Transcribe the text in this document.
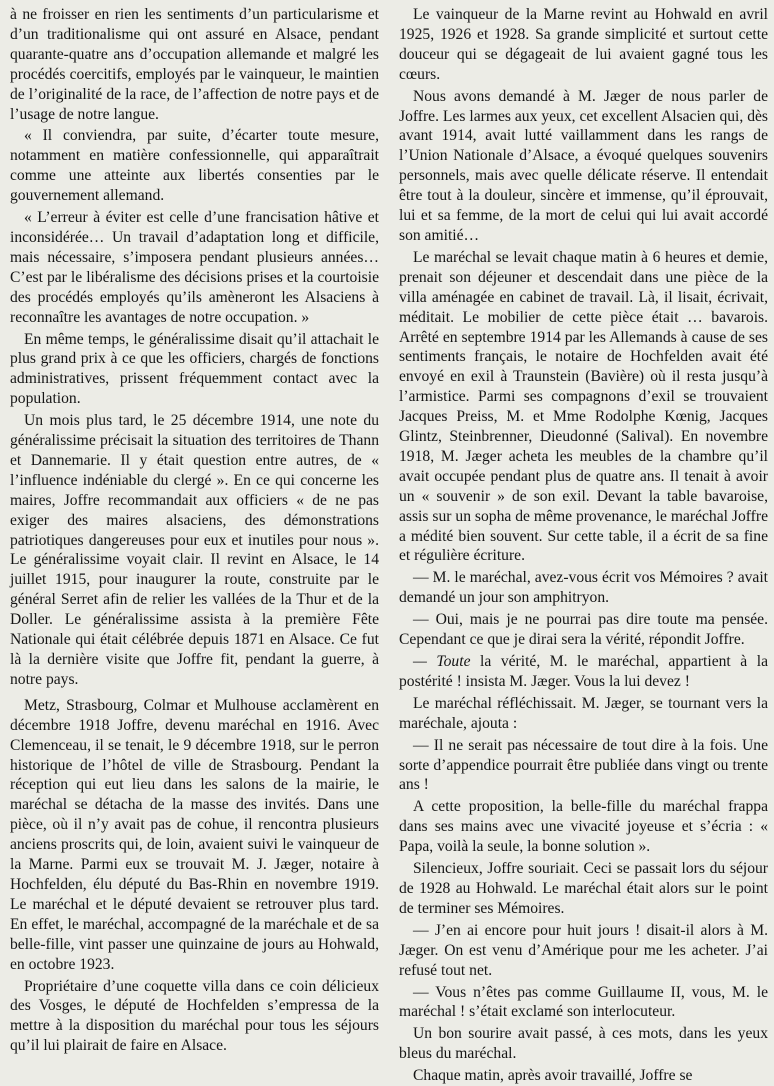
à ne froisser en rien les sentiments d’un particularisme et d’un traditionalisme qui ont assuré en Alsace, pendant quarante-quatre ans d’occupation allemande et malgré les procédés coercitifs, employés par le vainqueur, le maintien de l’originalité de la race, de l’affection de notre pays et de l’usage de notre langue.

« Il conviendra, par suite, d’écarter toute mesure, notamment en matière confessionnelle, qui apparaîtrait comme une atteinte aux libertés consenties par le gouvernement allemand.

« L’erreur à éviter est celle d’une francisation hâtive et inconsidérée… Un travail d’adaptation long et difficile, mais nécessaire, s’imposera pendant plusieurs années… C’est par le libéralisme des décisions prises et la courtoisie des procédés employés qu’ils amèneront les Alsaciens à reconnaître les avantages de notre occupation. »

En même temps, le généralissime disait qu’il attachait le plus grand prix à ce que les officiers, chargés de fonctions administratives, prissent fréquemment contact avec la population.

Un mois plus tard, le 25 décembre 1914, une note du généralissime précisait la situation des territoires de Thann et Dannemarie. Il y était question entre autres, de « l’influence indéniable du clergé ». En ce qui concerne les maires, Joffre recommandait aux officiers « de ne pas exiger des maires alsaciens, des démonstrations patriotiques dangereuses pour eux et inutiles pour nous ». Le généralissime voyait clair. Il revint en Alsace, le 14 juillet 1915, pour inaugurer la route, construite par le général Serret afin de relier les vallées de la Thur et de la Doller. Le généralissime assista à la première Fête Nationale qui était célébrée depuis 1871 en Alsace. Ce fut là la dernière visite que Joffre fit, pendant la guerre, à notre pays.

Metz, Strasbourg, Colmar et Mulhouse acclamèrent en décembre 1918 Joffre, devenu maréchal en 1916. Avec Clemenceau, il se tenait, le 9 décembre 1918, sur le perron historique de l’hôtel de ville de Strasbourg. Pendant la réception qui eut lieu dans les salons de la mairie, le maréchal se détacha de la masse des invités. Dans une pièce, où il n’y avait pas de cohue, il rencontra plusieurs anciens proscrits qui, de loin, avaient suivi le vainqueur de la Marne. Parmi eux se trouvait M. J. Jæger, notaire à Hochfelden, élu député du Bas-Rhin en novembre 1919. Le maréchal et le député devaient se retrouver plus tard. En effet, le maréchal, accompagné de la maréchale et de sa belle-fille, vint passer une quinzaine de jours au Hohwald, en octobre 1923.

Propriétaire d’une coquette villa dans ce coin délicieux des Vosges, le député de Hochfelden s’empressa de la mettre à la disposition du maréchal pour tous les séjours qu’il lui plairait de faire en Alsace.

Le vainqueur de la Marne revint au Hohwald en avril 1925, 1926 et 1928. Sa grande simplicité et surtout cette douceur qui se dégageait de lui avaient gagné tous les cœurs.

Nous avons demandé à M. Jæger de nous parler de Joffre. Les larmes aux yeux, cet excellent Alsacien qui, dès avant 1914, avait lutté vaillamment dans les rangs de l’Union Nationale d’Alsace, a évoqué quelques souvenirs personnels, mais avec quelle délicate réserve. Il entendait être tout à la douleur, sincère et immense, qu’il éprouvait, lui et sa femme, de la mort de celui qui lui avait accordé son amitié…

Le maréchal se levait chaque matin à 6 heures et demie, prenait son déjeuner et descendait dans une pièce de la villa aménagée en cabinet de travail. Là, il lisait, écrivait, méditait. Le mobilier de cette pièce était … bavarois. Arrêté en septembre 1914 par les Allemands à cause de ses sentiments français, le notaire de Hochfelden avait été envoyé en exil à Traunstein (Bavière) où il resta jusqu’à l’armistice. Parmi ses compagnons d’exil se trouvaient Jacques Preiss, M. et Mme Rodolphe Kœnig, Jacques Glintz, Steinbrenner, Dieudonné (Salival). En novembre 1918, M. Jæger acheta les meubles de la chambre qu’il avait occupée pendant plus de quatre ans. Il tenait à avoir un « souvenir » de son exil. Devant la table bavaroise, assis sur un sopha de même provenance, le maréchal Joffre a médité bien souvent. Sur cette table, il a écrit de sa fine et régulière écriture.

— M. le maréchal, avez-vous écrit vos Mémoires ? avait demandé un jour son amphitryon.

— Oui, mais je ne pourrai pas dire toute ma pensée. Cependant ce que je dirai sera la vérité, répondit Joffre.

— Toute la vérité, M. le maréchal, appartient à la postérité ! insista M. Jæger. Vous la lui devez !

Le maréchal réfléchissait. M. Jæger, se tournant vers la maréchale, ajouta :

— Il ne serait pas nécessaire de tout dire à la fois. Une sorte d’appendice pourrait être publiée dans vingt ou trente ans !

A cette proposition, la belle-fille du maréchal frappa dans ses mains avec une vivacité joyeuse et s’écria : « Papa, voilà la seule, la bonne solution ».

Silencieux, Joffre souriait. Ceci se passait lors du séjour de 1928 au Hohwald. Le maréchal était alors sur le point de terminer ses Mémoires.

— J’en ai encore pour huit jours ! disait-il alors à M. Jæger. On est venu d’Amérique pour me les acheter. J’ai refusé tout net.

— Vous n’êtes pas comme Guillaume II, vous, M. le maréchal ! s’était exclamé son interlocuteur.

Un bon sourire avait passé, à ces mots, dans les yeux bleus du maréchal.

Chaque matin, après avoir travaillé, Joffre se
